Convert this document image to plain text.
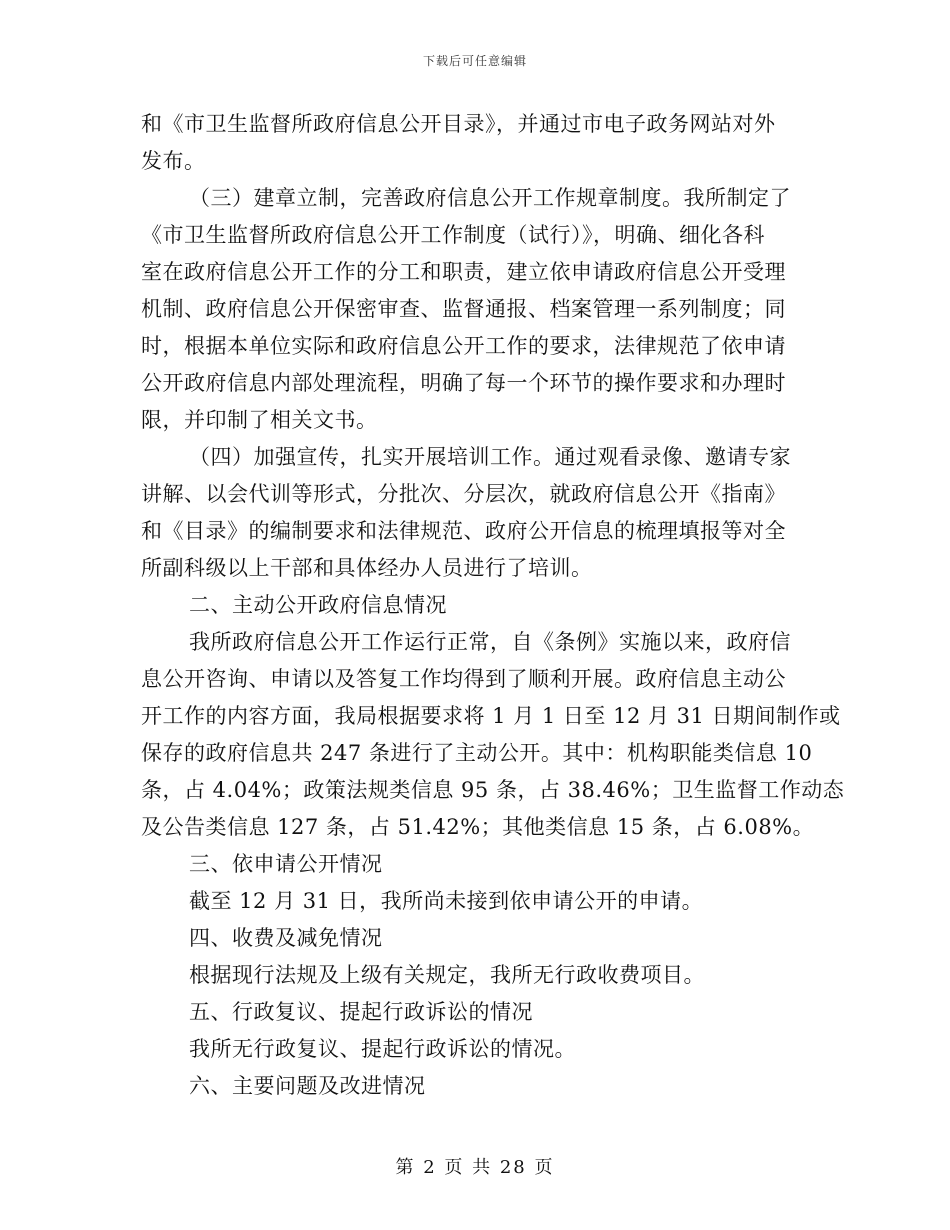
下载后可任意编辑
和《市卫生监督所政府信息公开目录》，并通过市电子政务网站对外
发布。
（三）建章立制，完善政府信息公开工作规章制度。我所制定了
《市卫生监督所政府信息公开工作制度（试行）》，明确、细化各科
室在政府信息公开工作的分工和职责，建立依申请政府信息公开受理
机制、政府信息公开保密审查、监督通报、档案管理一系列制度；同
时，根据本单位实际和政府信息公开工作的要求，法律规范了依申请
公开政府信息内部处理流程，明确了每一个环节的操作要求和办理时
限，并印制了相关文书。
（四）加强宣传，扎实开展培训工作。通过观看录像、邀请专家
讲解、以会代训等形式，分批次、分层次，就政府信息公开《指南》
和《目录》的编制要求和法律规范、政府公开信息的梳理填报等对全
所副科级以上干部和具体经办人员进行了培训。
二、主动公开政府信息情况
我所政府信息公开工作运行正常，自《条例》实施以来，政府信
息公开咨询、申请以及答复工作均得到了顺利开展。政府信息主动公
开工作的内容方面，我局根据要求将 1 月 1 日至 12 月 31 日期间制作或
保存的政府信息共 247 条进行了主动公开。其中：机构职能类信息 10
条，占 4.04%；政策法规类信息 95 条，占 38.46%；卫生监督工作动态
及公告类信息 127 条，占 51.42%；其他类信息 15 条，占 6.08%。
三、依申请公开情况
截至 12 月 31 日，我所尚未接到依申请公开的申请。
四、收费及减免情况
根据现行法规及上级有关规定，我所无行政收费项目。
五、行政复议、提起行政诉讼的情况
我所无行政复议、提起行政诉讼的情况。
六、主要问题及改进情况
第 2 页 共 28 页
